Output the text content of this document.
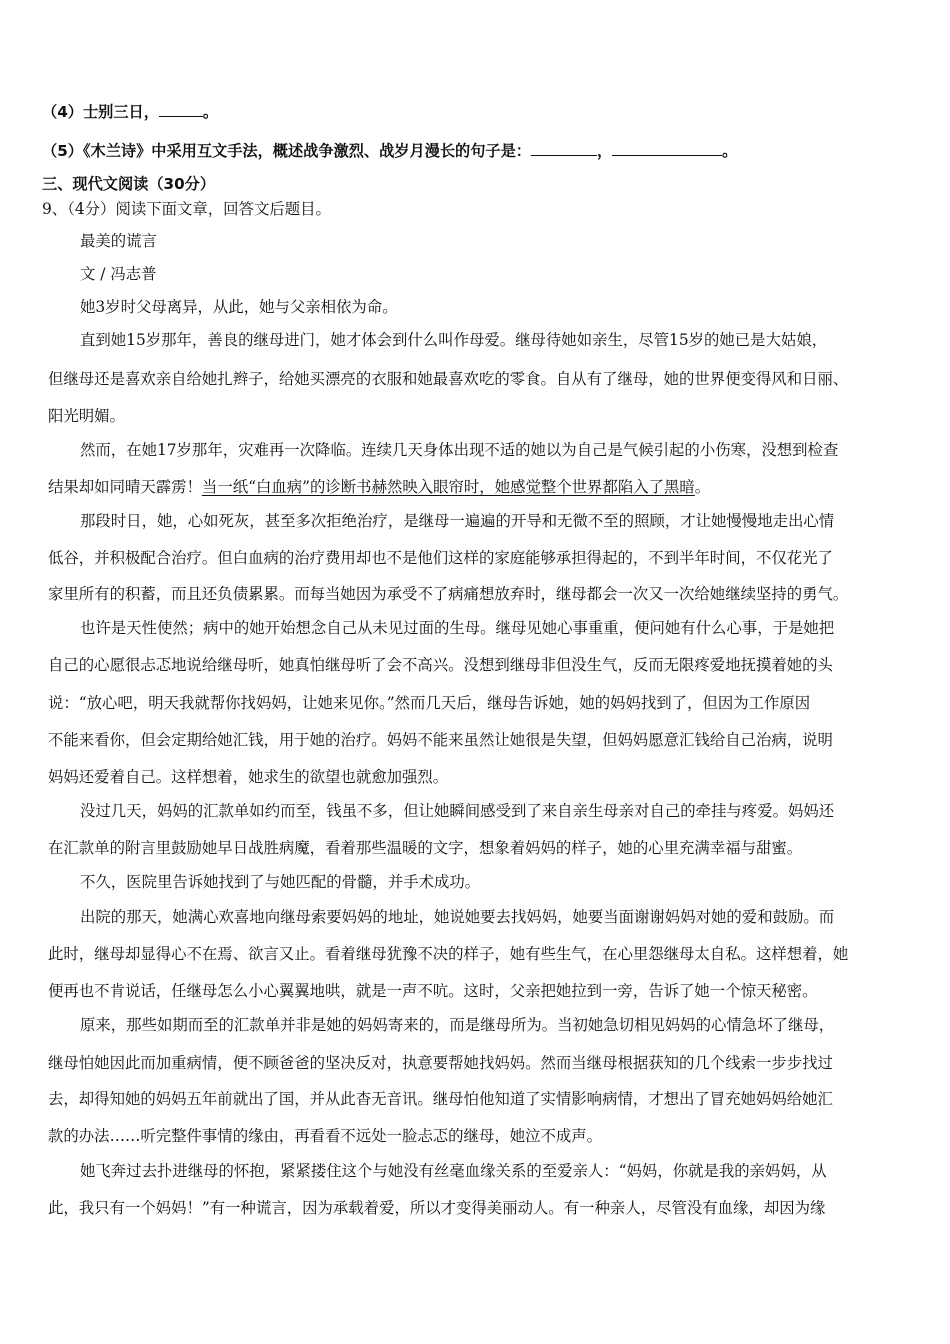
（4）士别三日，	。
（5）《木兰诗》中采用互文手法，概述战争激烈、战岁月漫长的句子是：	，	。
三、现代文阅读（30分）
9、（4分）阅读下面文章，回答文后题目。
最美的谎言
文 / 冯志普
她3岁时父母离异，从此，她与父亲相依为命。
直到她15岁那年，善良的继母进门，她才体会到什么叫作母爱。继母待她如亲生，尽管15岁的她已是大姑娘，
但继母还是喜欢亲自给她扎辫子，给她买漂亮的衣服和她最喜欢吃的零食。自从有了继母，她的世界便变得风和日丽、
阳光明媚。
然而，在她17岁那年，灾难再一次降临。连续几天身体出现不适的她以为自己是气候引起的小伤寒，没想到检查
结果却如同晴天霹雳！当一纸“白血病”的诊断书赫然映入眼帘时，她感觉整个世界都陷入了黑暗。
那段时日，她，心如死灰，甚至多次拒绝治疗，是继母一遍遍的开导和无微不至的照顾，才让她慢慢地走出心情
低谷，并积极配合治疗。但白血病的治疗费用却也不是他们这样的家庭能够承担得起的，不到半年时间，不仅花光了
家里所有的积蓄，而且还负债累累。而每当她因为承受不了病痛想放弃时，继母都会一次又一次给她继续坚持的勇气。
也许是天性使然；病中的她开始想念自己从未见过面的生母。继母见她心事重重，便问她有什么心事，于是她把
自己的心愿很忐忑地说给继母听，她真怕继母听了会不高兴。没想到继母非但没生气，反而无限疼爱地抚摸着她的头
说：“放心吧，明天我就帮你找妈妈，让她来见你。”然而几天后，继母告诉她，她的妈妈找到了，但因为工作原因
不能来看你，但会定期给她汇钱，用于她的治疗。妈妈不能来虽然让她很是失望，但妈妈愿意汇钱给自己治病，说明
妈妈还爱着自己。这样想着，她求生的欲望也就愈加强烈。
没过几天，妈妈的汇款单如约而至，钱虽不多，但让她瞬间感受到了来自亲生母亲对自己的牵挂与疼爱。妈妈还
在汇款单的附言里鼓励她早日战胜病魔，看着那些温暖的文字，想象着妈妈的样子，她的心里充满幸福与甜蜜。
不久，医院里告诉她找到了与她匹配的骨髓，并手术成功。
出院的那天，她满心欢喜地向继母索要妈妈的地址，她说她要去找妈妈，她要当面谢谢妈妈对她的爱和鼓励。而
此时，继母却显得心不在焉、欲言又止。看着继母犹豫不决的样子，她有些生气，在心里怨继母太自私。这样想着，她
便再也不肯说话，任继母怎么小心翼翼地哄，就是一声不吭。这时，父亲把她拉到一旁，告诉了她一个惊天秘密。
原来，那些如期而至的汇款单并非是她的妈妈寄来的，而是继母所为。当初她急切相见妈妈的心情急坏了继母，
继母怕她因此而加重病情，便不顾爸爸的坚决反对，执意要帮她找妈妈。然而当继母根据获知的几个线索一步步找过
去，却得知她的妈妈五年前就出了国，并从此杳无音讯。继母怕他知道了实情影响病情，才想出了冒充她妈妈给她汇
款的办法……听完整件事情的缘由，再看看不远处一脸忐忑的继母，她泣不成声。
她飞奔过去扑进继母的怀抱，紧紧搂住这个与她没有丝毫血缘关系的至爱亲人：“妈妈，你就是我的亲妈妈，从
此，我只有一个妈妈！”有一种谎言，因为承载着爱，所以才变得美丽动人。有一种亲人，尽管没有血缘，却因为缘
